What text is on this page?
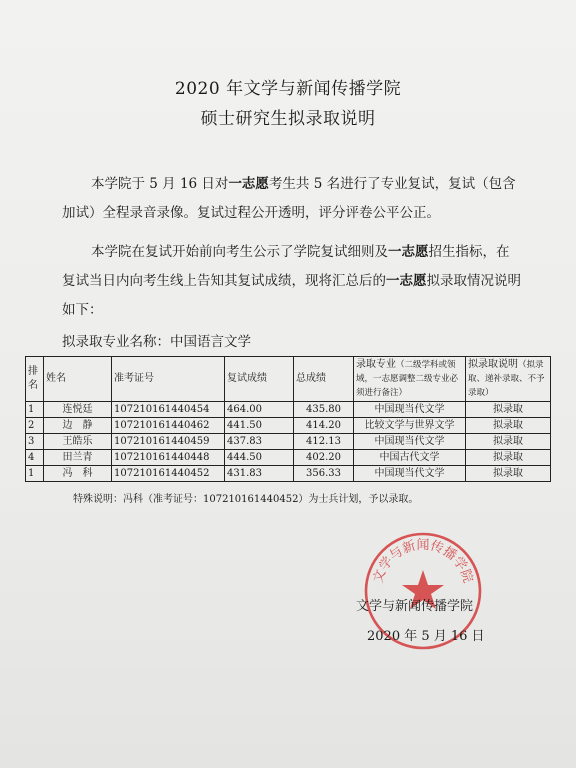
2020 年文学与新闻传播学院
硕士研究生拟录取说明
本学院于 5 月 16 日对一志愿考生共 5 名进行了专业复试，复试（包含加试）全程录音录像。复试过程公开透明，评分评卷公平公正。
本学院在复试开始前向考生公示了学院复试细则及一志愿招生指标，在复试当日内向考生线上告知其复试成绩，现将汇总后的一志愿拟录取情况说明如下：
拟录取专业名称：中国语言文学
排名	姓名	准考证号	复试成绩	总成绩	录取专业（二级学科或领域，一志愿调整二级专业必须进行备注）	拟录取说明（拟录取、递补录取、不予录取）
1	连悦廷	107210161440454	464.00	435.80	中国现当代文学	拟录取
2	边　静	107210161440462	441.50	414.20	比较文学与世界文学	拟录取
3	王皓乐	107210161440459	437.83	412.13	中国现当代文学	拟录取
4	田兰青	107210161440448	444.50	402.20	中国古代文学	拟录取
1	冯　科	107210161440452	431.83	356.33	中国现当代文学	拟录取
特殊说明：冯科（准考证号：107210161440452）为士兵计划，予以录取。
文学与新闻传播学院
文学与新闻传播学院
2020 年 5 月 16 日
